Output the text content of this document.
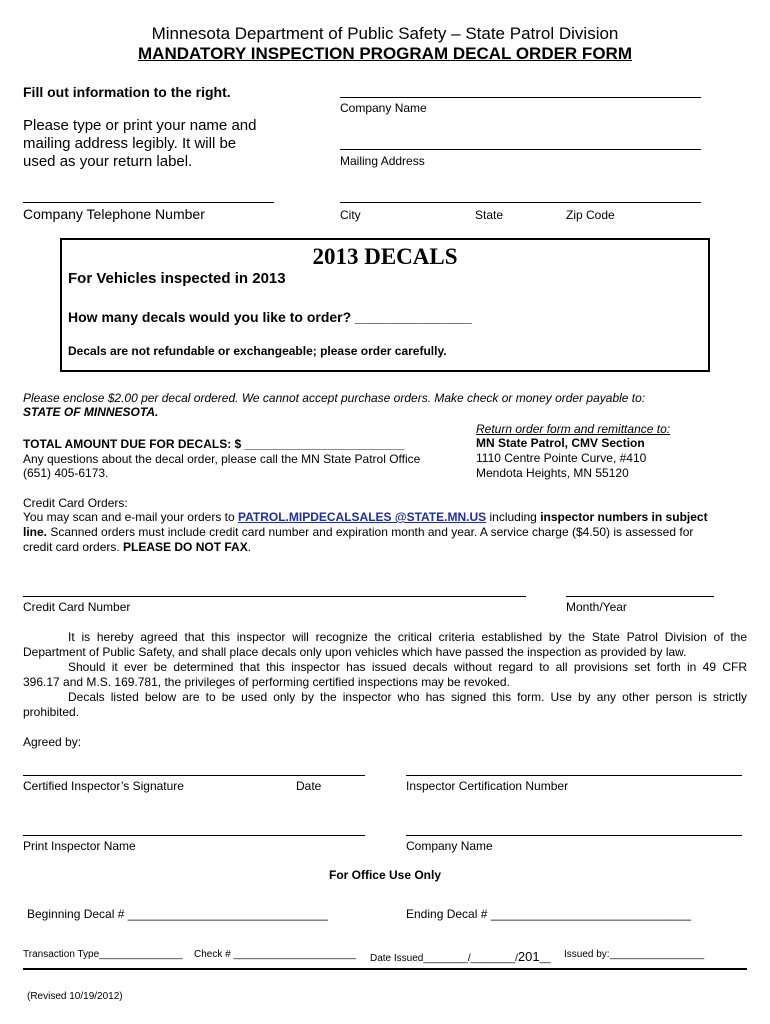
Minnesota Department of Public Safety – State Patrol Division
MANDATORY INSPECTION PROGRAM DECAL ORDER FORM
Fill out information to the right.
Please type or print your name and
mailing address legibly. It will be
used as your return label.
Company Telephone Number
Company Name
Mailing Address
City	State	Zip Code
2013 DECALS
For Vehicles inspected in 2013
How many decals would you like to order? _______________
Decals are not refundable or exchangeable; please order carefully.
Please enclose $2.00 per decal ordered. We cannot accept purchase orders. Make check or money order payable to:
STATE OF MINNESOTA.
TOTAL AMOUNT DUE FOR DECALS: $ ________________________
Any questions about the decal order, please call the MN State Patrol Office
(651) 405-6173.
Return order form and remittance to:
MN State Patrol, CMV Section
1110 Centre Pointe Curve, #410
Mendota Heights, MN 55120
Credit Card Orders:
You may scan and e-mail your orders to PATROL.MIPDECALSALES @STATE.MN.US including inspector numbers in subject
line. Scanned orders must include credit card number and expiration month and year. A service charge ($4.50) is assessed for
credit card orders. PLEASE DO NOT FAX.
Credit Card Number	Month/Year
It is hereby agreed that this inspector will recognize the critical criteria established by the State Patrol Division of the
Department of Public Safety, and shall place decals only upon vehicles which have passed the inspection as provided by law.
Should it ever be determined that this inspector has issued decals without regard to all provisions set forth in 49 CFR
396.17 and M.S. 169.781, the privileges of performing certified inspections may be revoked.
Decals listed below are to be used only by the inspector who has signed this form. Use by any other person is strictly
prohibited.
Agreed by:
Certified Inspector’s Signature	Date	Inspector Certification Number
Print Inspector Name	Company Name
For Office Use Only
Beginning Decal # ______________________________	Ending Decal # ______________________________
Transaction Type_______________ Check # ______________________ Date Issued________/________/201__ Issued by:_________________
(Revised 10/19/2012)
